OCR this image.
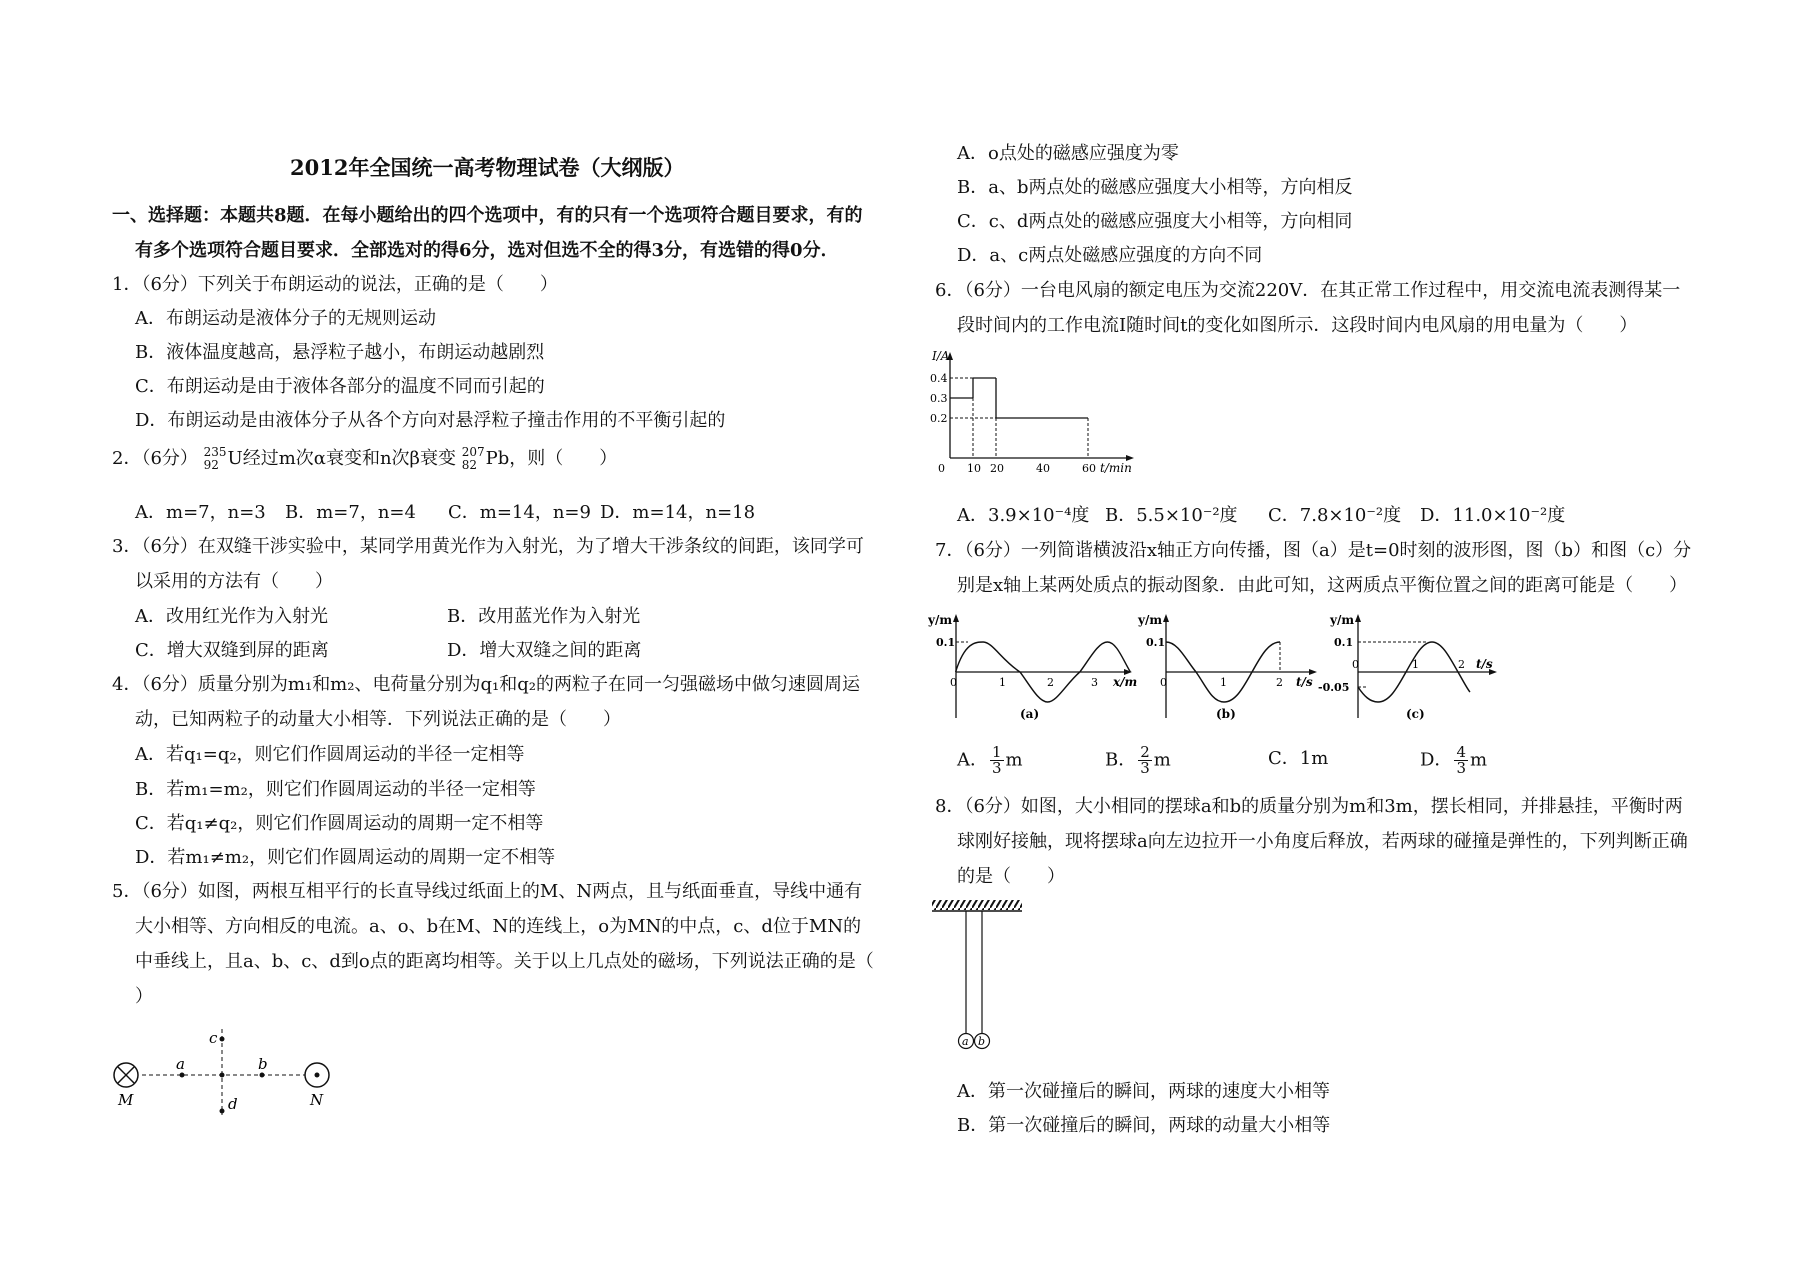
2012年全国统一高考物理试卷（大纲版）
一、选择题：本题共8题．在每小题给出的四个选项中，有的只有一个选项符合题目要求，有的
有多个选项符合题目要求．全部选对的得6分，选对但选不全的得3分，有选错的得0分．
1．（6分）下列关于布朗运动的说法，正确的是（　　）
A．布朗运动是液体分子的无规则运动
B．液体温度越高，悬浮粒子越小，布朗运动越剧烈
C．布朗运动是由于液体各部分的温度不同而引起的
D．布朗运动是由液体分子从各个方向对悬浮粒子撞击作用的不平衡引起的
2．（6分） 235
92 U经过m次α衰变和n次β衰变 207
82 Pb，则（　　）
A．m=7，n=3 B．m=7，n=4 C．m=14，n=9 D．m=14，n=18
3．（6分）在双缝干涉实验中，某同学用黄光作为入射光，为了增大干涉条纹的间距，该同学可
以采用的方法有（　　）
A．改用红光作为入射光	B．改用蓝光作为入射光
C．增大双缝到屏的距离	D．增大双缝之间的距离
4．（6分）质量分别为m₁和m₂、电荷量分别为q₁和q₂的两粒子在同一匀强磁场中做匀速圆周运
动，已知两粒子的动量大小相等．下列说法正确的是（　　）
A．若q₁=q₂，则它们作圆周运动的半径一定相等
B．若m₁=m₂，则它们作圆周运动的半径一定相等
C．若q₁≠q₂，则它们作圆周运动的周期一定不相等
D．若m₁≠m₂，则它们作圆周运动的周期一定不相等
5．（6分）如图，两根互相平行的长直导线过纸面上的M、N两点，且与纸面垂直，导线中通有
大小相等、方向相反的电流。a、o、b在M、N的连线上，o为MN的中点，c、d位于MN的
中垂线上，且a、b、c、d到o点的距离均相等。关于以上几点处的磁场，下列说法正确的是（
）
M	N
a	b
c
d
A．o点处的磁感应强度为零
B．a、b两点处的磁感应强度大小相等，方向相反
C．c、d两点处的磁感应强度大小相等，方向相同
D．a、c两点处磁感应强度的方向不同
6．（6分）一台电风扇的额定电压为交流220V．在其正常工作过程中，用交流电流表测得某一
段时间内的工作电流I随时间t的变化如图所示．这段时间内电风扇的用电量为（　　）
I/A
t/min
0.4
0.3
0.2
0 10 20	40	60
A．3.9×10⁻⁴度 B．5.5×10⁻²度 C．7.8×10⁻²度 D．11.0×10⁻²度
7．（6分）一列简谐横波沿x轴正方向传播，图（a）是t=0时刻的波形图，图（b）和图（c）分
别是x轴上某两处质点的振动图象．由此可知，这两质点平衡位置之间的距离可能是（　　）
y/m
0.1
0	1	2	3 x/m
(a)
y/m
0.1
0	1	2 t/s
(b)
y/m
0.1
-0.05
0	1	2 t/s
(c)
A． $\frac{1}{3}$ m	B． $\frac{2}{3}$ m	C．1m	D． $\frac{4}{3}$ m
8．（6分）如图，大小相同的摆球a和b的质量分别为m和3m，摆长相同，并排悬挂，平衡时两
球刚好接触，现将摆球a向左边拉开一小角度后释放，若两球的碰撞是弹性的，下列判断正确
的是（　　）
a b
A．第一次碰撞后的瞬间，两球的速度大小相等
B．第一次碰撞后的瞬间，两球的动量大小相等
